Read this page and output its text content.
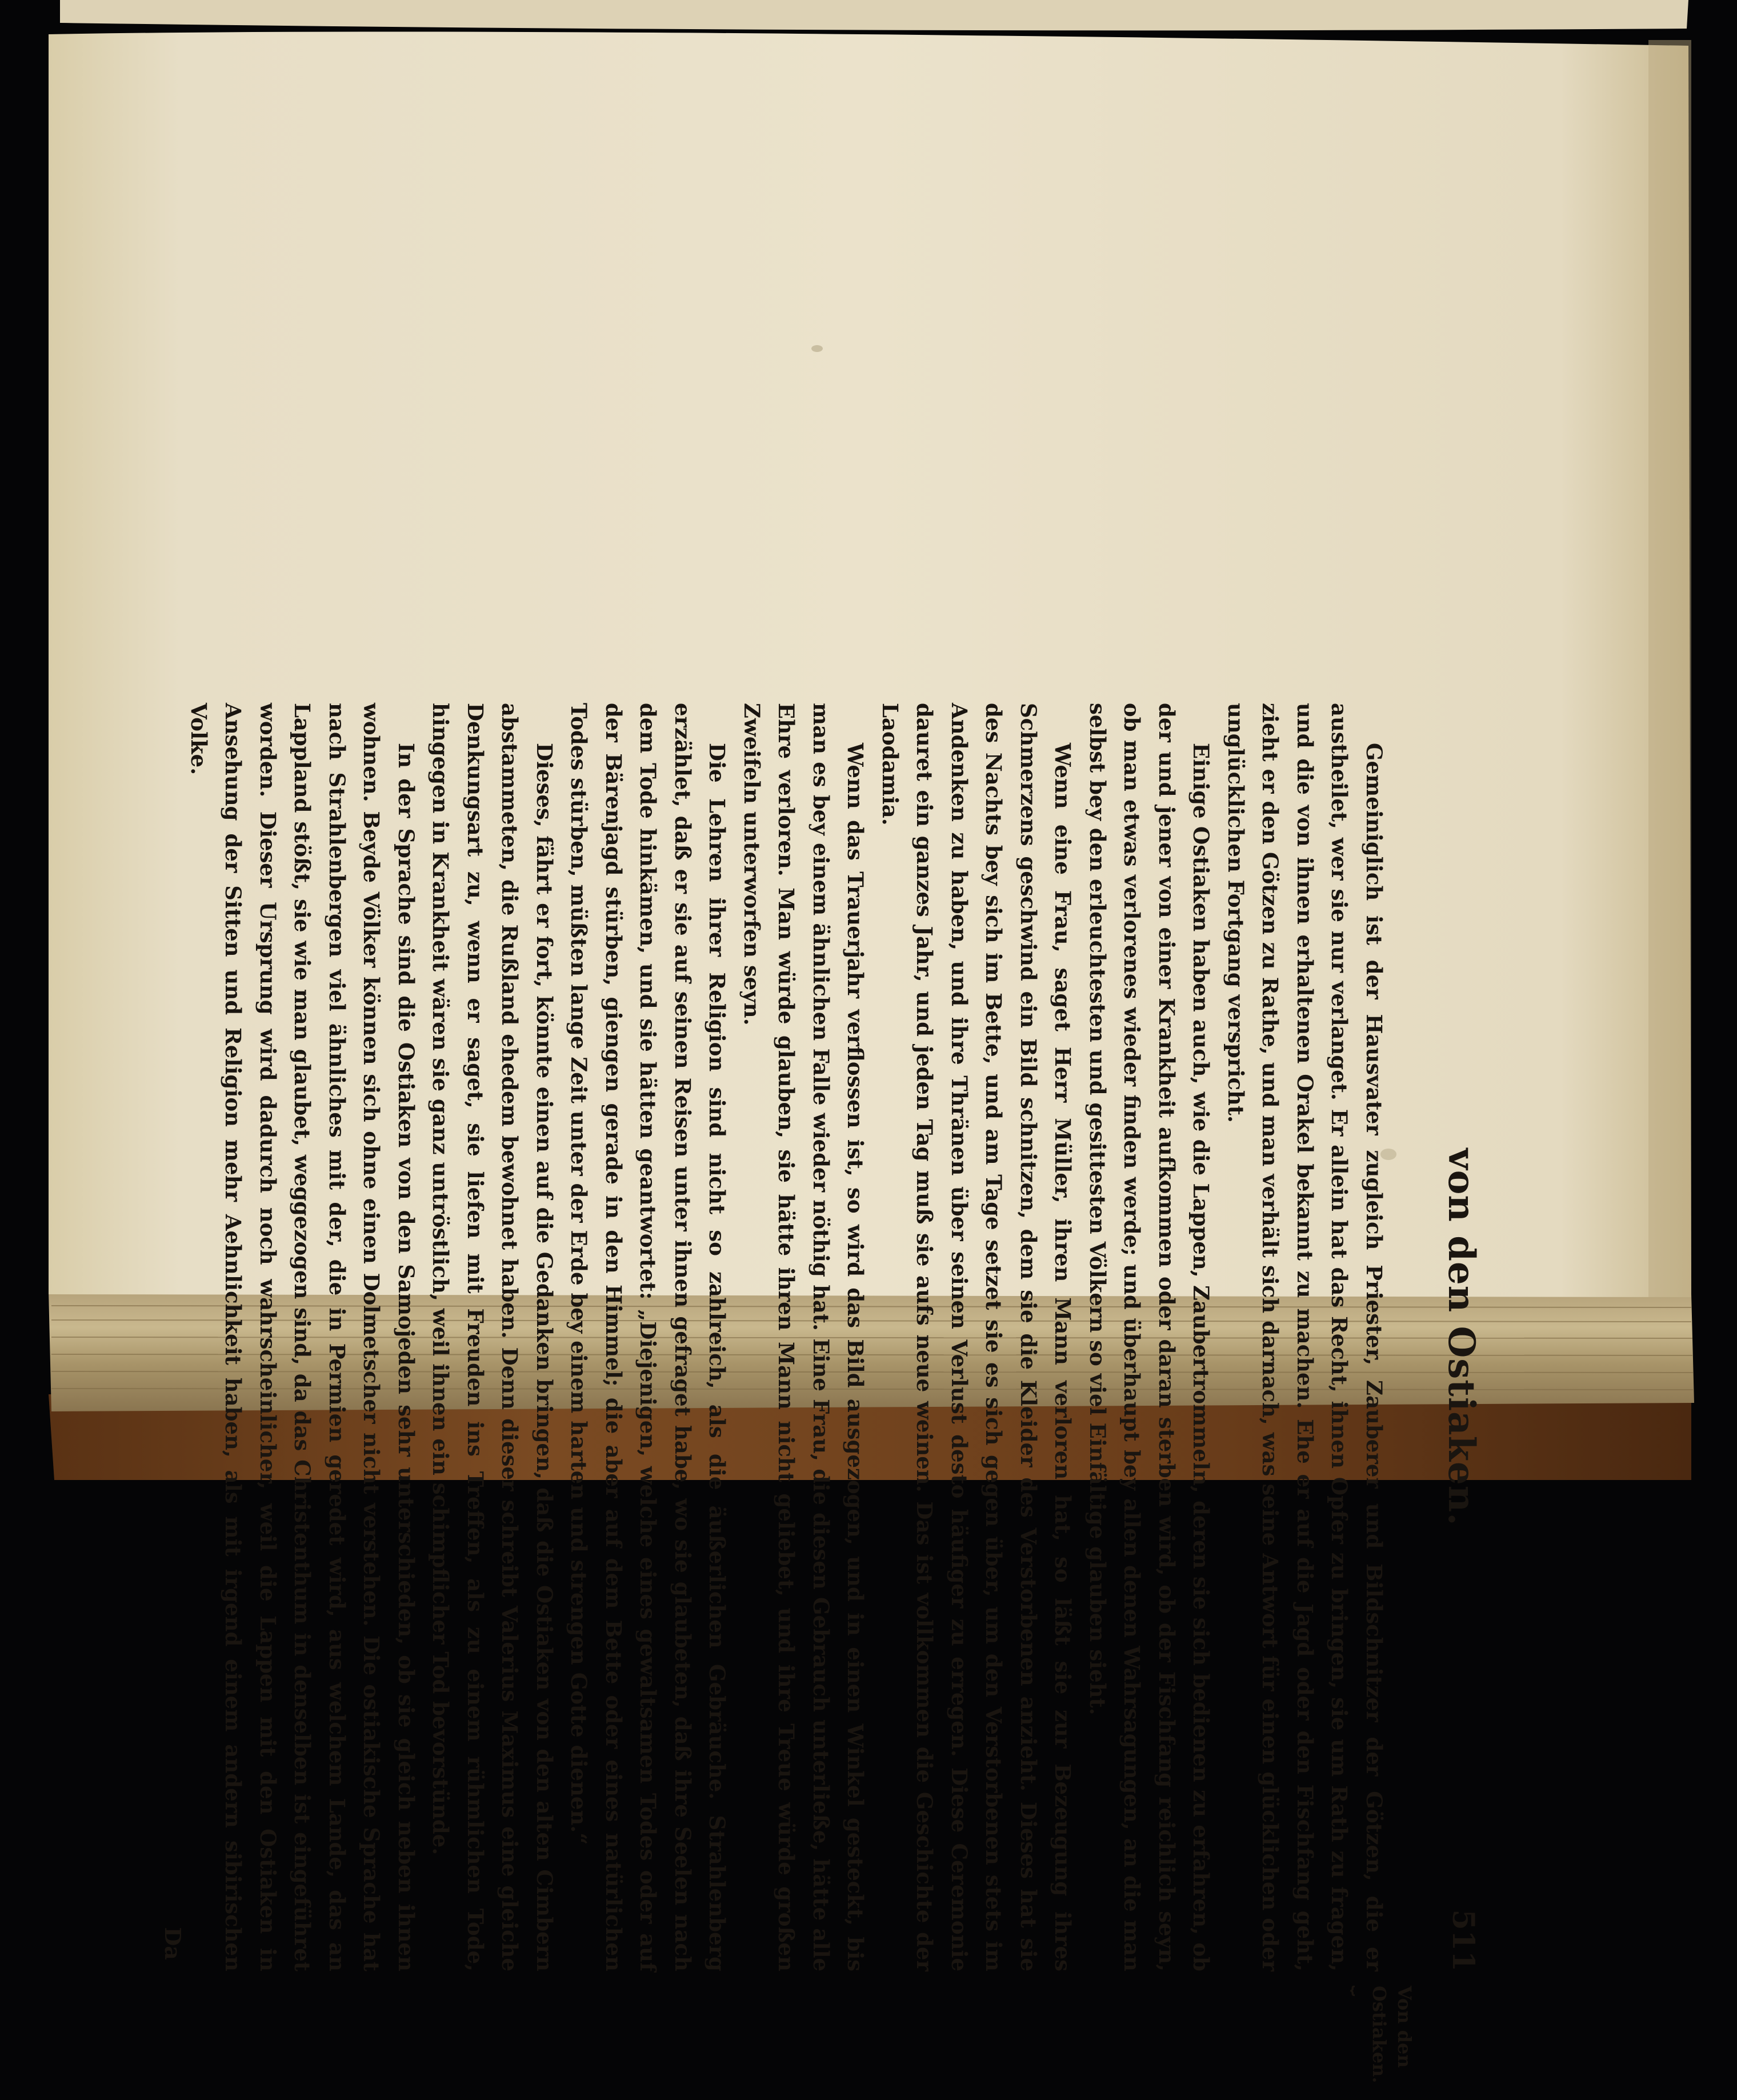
von den Ostiaken.
511
Von den
Ostiaken.
⏟

Gemeiniglich ist der Hausvater zugleich Priester, Zauberer und Bildschnitzer der Götzen, die er austheilet, wer sie nur verlanget. Er allein hat das Recht, ihnen Opfer zu bringen, sie um Rath zu fragen, und die von ihnen erhaltenen Orakel bekannt zu machen. Ehe er auf die Jagd oder den Fischfang geht, zieht er den Götzen zu Rathe, und man verhält sich darnach, was seine Antwort für einen glücklichen oder unglücklichen Fortgang verspricht.

Einige Ostiaken haben auch, wie die Lappen, Zaubertrommeln, deren sie sich bedienen zu erfahren, ob der und jener von einer Krankheit aufkommen oder daran sterben wird, ob der Fischfang reichlich seyn, ob man etwas verlorenes wieder finden werde; und überhaupt bey allen denen Wahrsagungen, an die man selbst bey den erleuchtesten und gesittesten Völkern so viel Einfältige glauben sieht.

Wenn eine Frau, saget Herr Müller, ihren Mann verloren hat, so läßt sie zur Bezeugung ihres Schmerzens geschwind ein Bild schnitzen, dem sie die Kleider des Verstorbenen anzieht. Dieses hat sie des Nachts bey sich im Bette, und am Tage setzet sie es sich gegen über, um den Verstorbenen stets im Andenken zu haben, und ihre Thränen über seinen Verlust desto häufiger zu erregen. Diese Ceremonie dauret ein ganzes Jahr, und jeden Tag muß sie aufs neue weinen. Das ist vollkommen die Geschichte der Laodamia.

Wenn das Trauerjahr verflossen ist, so wird das Bild ausgezogen, und in einen Winkel gesteckt, bis man es bey einem ähnlichen Falle wieder nöthig hat. Eine Frau, die diesen Gebrauch unterließe, hätte alle Ehre verloren. Man würde glauben, sie hätte ihren Mann nicht geliebet, und ihre Treue würde großen Zweifeln unterworfen seyn.

Die Lehren ihrer Religion sind nicht so zahlreich, als die äußerlichen Gebräuche. Strahlenberg erzählet, daß er sie auf seinen Reisen unter ihnen gefraget habe, wo sie glaubeten, daß ihre Seelen nach dem Tode hinkämen, und sie hätten geantwortet: „Diejenigen, welche eines gewaltsamen Todes oder auf der Bärenjagd stürben, giengen gerade in den Himmel; die aber auf dem Bette oder eines natürlichen Todes stürben, müßten lange Zeit unter der Erde bey einem harten und strengen Gotte dienen.“

Dieses, fährt er fort, könnte einen auf die Gedanken bringen, daß die Ostiaken von den alten Cimbern abstammeten, die Rußland ehedem bewohnet haben. Denn dieser schreibt Valerius Maximus eine gleiche Denkungsart zu, wenn er saget, sie liefen mit Freuden ins Treffen, als zu einem rühmlichen Tode, hingegen in Krankheit wären sie ganz untröstlich, weil ihnen ein schimpflicher Tod bevorstünde.

In der Sprache sind die Ostiaken von den Samojeden sehr unterschieden, ob sie gleich neben ihnen wohnen. Beyde Völker können sich ohne einen Dolmetscher nicht verstehen. Die ostiakische Sprache hat nach Strahlenbergen viel ähnliches mit der, die in Permien geredet wird, aus welchem Lande, das an Lappland stößt, sie wie man glaubet, weggezogen sind, da das Christenthum in denselben ist eingeführet worden. Dieser Ursprung wird dadurch noch wahrscheinlicher, weil die Lappen mit den Ostiaken in Ansehung der Sitten und Religion mehr Aehnlichkeit haben, als mit irgend einem andern sibirischen Volke.

Da
